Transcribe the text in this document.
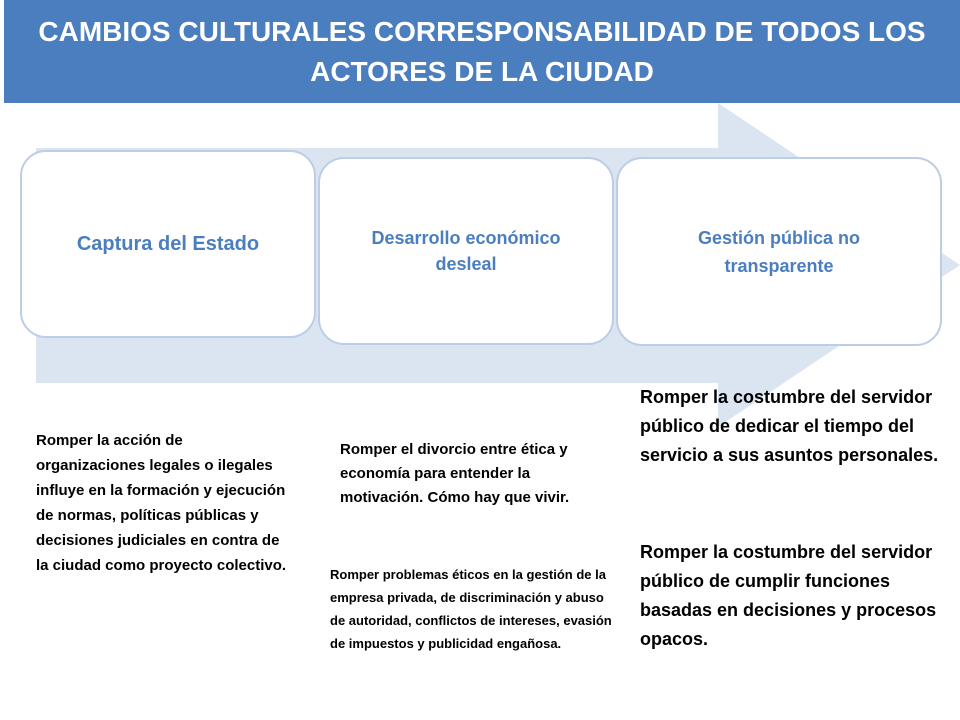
CAMBIOS CULTURALES CORRESPONSABILIDAD DE TODOS LOS ACTORES DE LA CIUDAD
Captura del Estado	Desarrollo económico desleal
Gestión pública no transparente

Romper la acción de organizaciones legales o ilegales influye en la formación y ejecución de normas, políticas públicas y decisiones judiciales en contra de la ciudad como proyecto colectivo.

Romper el divorcio entre ética y economía para entender la motivación. Cómo hay que vivir.

Romper problemas éticos en la gestión de la empresa privada, de discriminación y abuso de autoridad, conflictos de intereses, evasión de impuestos y publicidad engañosa.

Romper la costumbre del servidor público de dedicar el tiempo del servicio a sus asuntos personales.

Romper la costumbre del servidor público de cumplir funciones basadas en decisiones y procesos opacos.
